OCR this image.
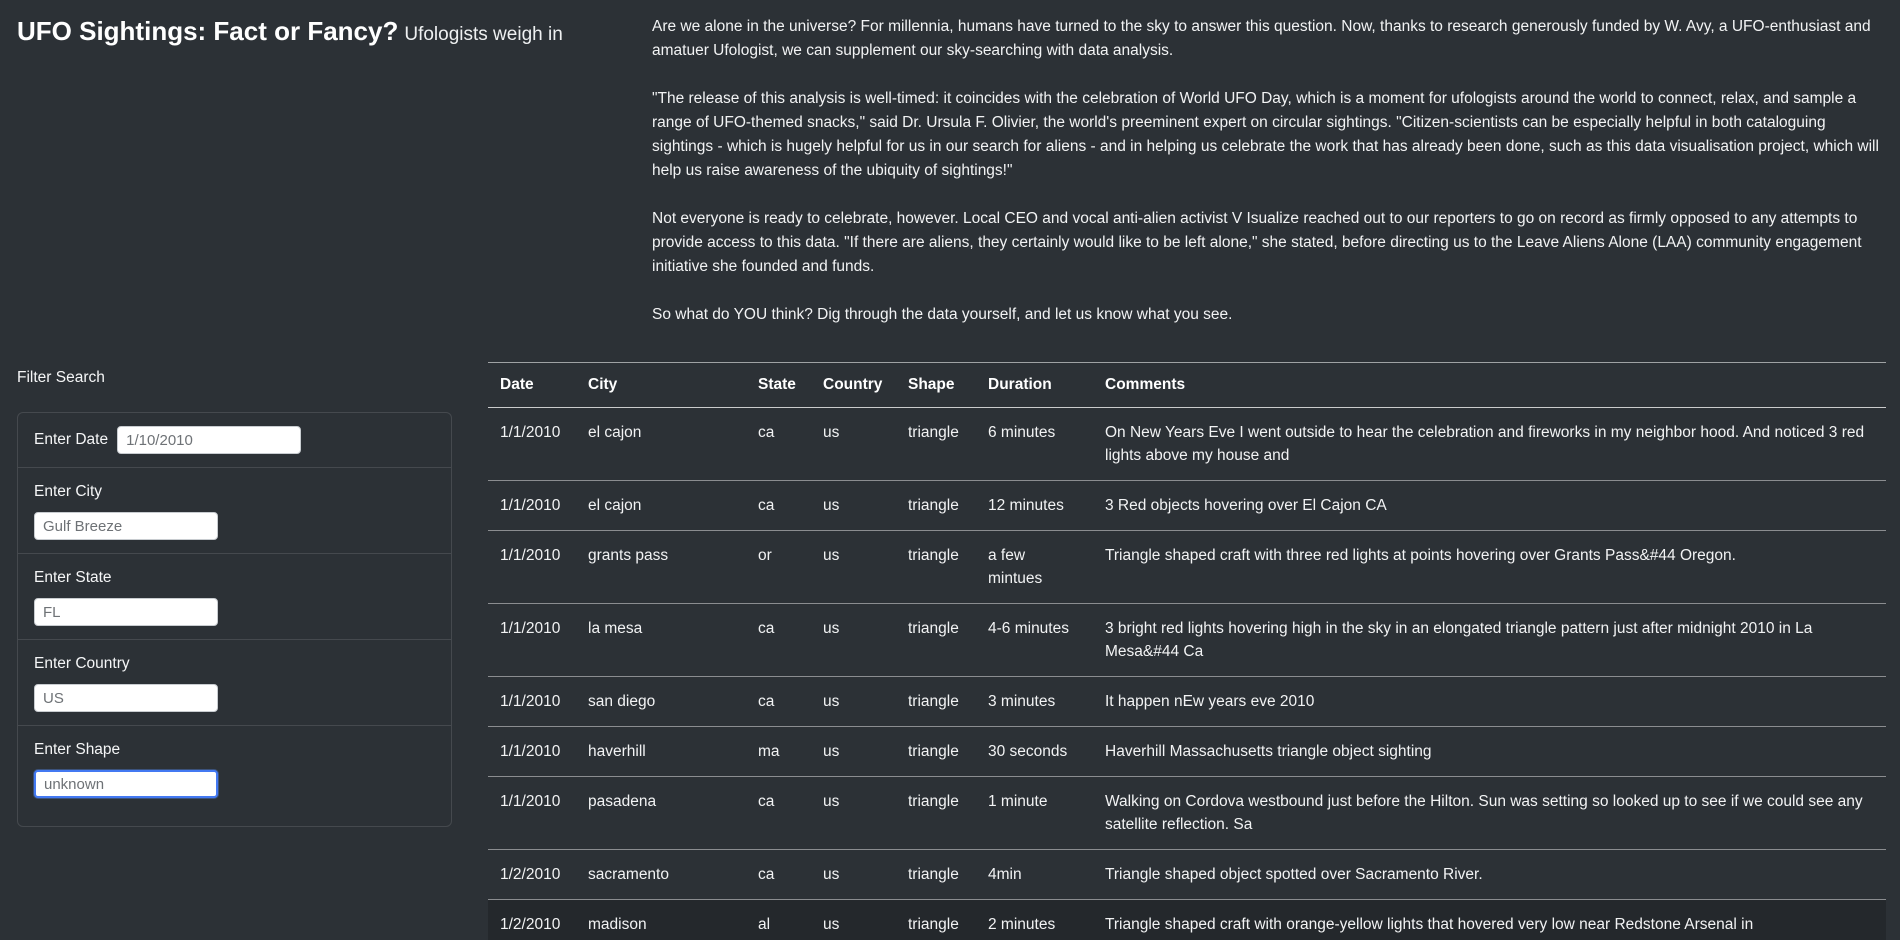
UFO Sightings: Fact or Fancy? Ufologists weigh in	Are we alone in the universe? For millennia, humans have turned to the sky to answer this question. Now, thanks to research generously funded by W. Avy, a UFO-enthusiast and amatuer Ufologist, we can supplement our sky-searching with data analysis.

"The release of this analysis is well-timed: it coincides with the celebration of World UFO Day, which is a moment for ufologists around the world to connect, relax, and sample a range of UFO-themed snacks," said Dr. Ursula F. Olivier, the world's preeminent expert on circular sightings. "Citizen-scientists can be especially helpful in both cataloguing sightings - which is hugely helpful for us in our search for aliens - and in helping us celebrate the work that has already been done, such as this data visualisation project, which will help us raise awareness of the ubiquity of sightings!"

Not everyone is ready to celebrate, however. Local CEO and vocal anti-alien activist V Isualize reached out to our reporters to go on record as firmly opposed to any attempts to provide access to this data. "If there are aliens, they certainly would like to be left alone," she stated, before directing us to the Leave Aliens Alone (LAA) community engagement initiative she founded and funds.

So what do YOU think? Dig through the data yourself, and let us know what you see.

Filter Search
Enter Date
1/10/2010
Enter City
Gulf Breeze
Enter State
FL
Enter Country
US
Enter Shape
unknown
Date	City	State	Country	Shape	Duration	Comments
1/1/2010	el cajon	ca	us	triangle	6 minutes	On New Years Eve I went outside to hear the celebration and fireworks in my neighbor hood. And noticed 3 red lights above my house and
1/1/2010	el cajon	ca	us	triangle	12 minutes	3 Red objects hovering over El Cajon CA
1/1/2010	grants pass	or	us	triangle	a few mintues	Triangle shaped craft with three red lights at points hovering over Grants Pass&#44 Oregon.
1/1/2010	la mesa	ca	us	triangle	4-6 minutes	3 bright red lights hovering high in the sky in an elongated triangle pattern just after midnight 2010 in La Mesa&#44 Ca
1/1/2010	san diego	ca	us	triangle	3 minutes	It happen nEw years eve 2010
1/1/2010	haverhill	ma	us	triangle	30 seconds	Haverhill Massachusetts triangle object sighting
1/1/2010	pasadena	ca	us	triangle	1 minute	Walking on Cordova westbound just before the Hilton. Sun was setting so looked up to see if we could see any satellite reflection. Sa
1/2/2010	sacramento	ca	us	triangle	4min	Triangle shaped object spotted over Sacramento River.
1/2/2010	madison	al	us	triangle	2 minutes	Triangle shaped craft with orange-yellow lights that hovered very low near Redstone Arsenal in
